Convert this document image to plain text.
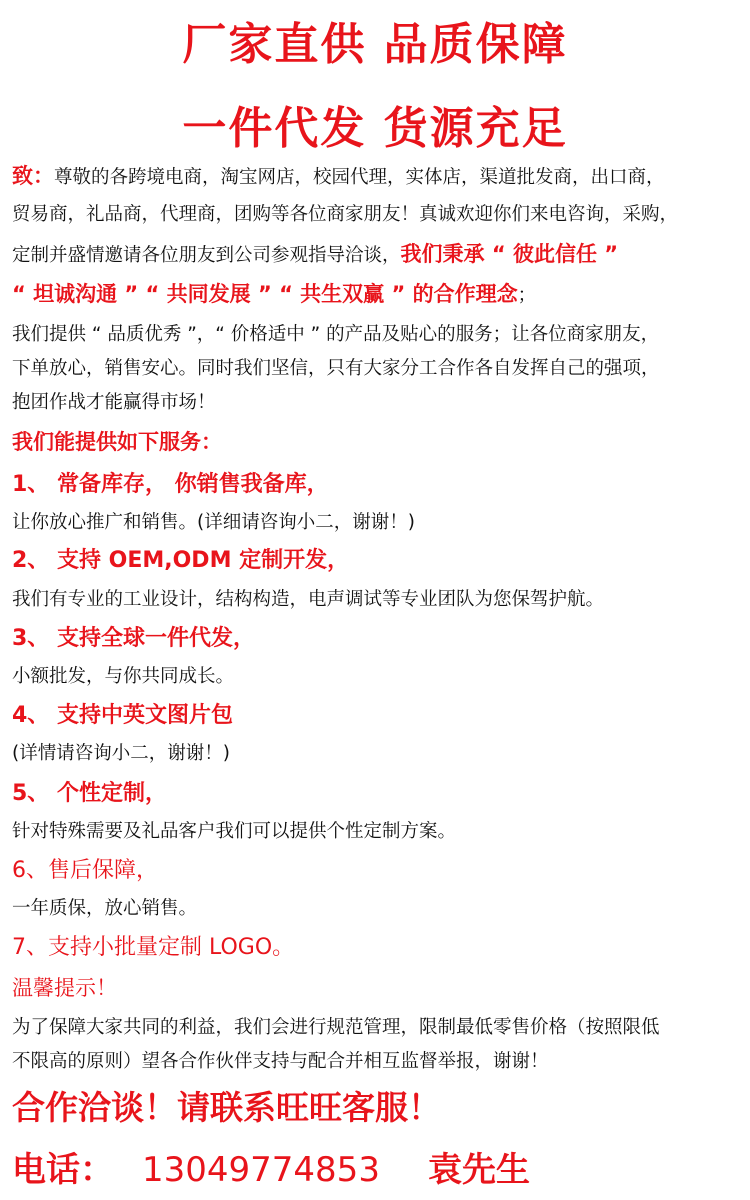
厂家直供 品质保障
一件代发 货源充足
致：尊敬的各跨境电商，淘宝网店，校园代理，实体店，渠道批发商，出口商，
贸易商，礼品商，代理商，团购等各位商家朋友！真诚欢迎你们来电咨询，采购，
定制并盛情邀请各位朋友到公司参观指导洽谈，我们秉承 “ 彼此信任 ”
“ 坦诚沟通 ” “ 共同发展 ” “ 共生双赢 ” 的合作理念；
我们提供 “ 品质优秀 ”，“ 价格适中 ” 的产品及贴心的服务；让各位商家朋友，
下单放心，销售安心。同时我们坚信，只有大家分工合作各自发挥自己的强项，
抱团作战才能赢得市场！
我们能提供如下服务：
1、 常备库存， 你销售我备库，
让你放心推广和销售。(详细请咨询小二，谢谢！)
2、 支持 OEM,ODM 定制开发，
我们有专业的工业设计，结构构造，电声调试等专业团队为您保驾护航。
3、 支持全球一件代发，
小额批发，与你共同成长。
4、 支持中英文图片包
(详情请咨询小二，谢谢！)
5、 个性定制，
针对特殊需要及礼品客户我们可以提供个性定制方案。
6、售后保障，
一年质保，放心销售。
7、支持小批量定制 LOGO。
温馨提示！
为了保障大家共同的利益，我们会进行规范管理，限制最低零售价格（按照限低
不限高的原则）望各合作伙伴支持与配合并相互监督举报，谢谢！
合作洽谈！请联系旺旺客服！
电话： 13049774853 袁先生
